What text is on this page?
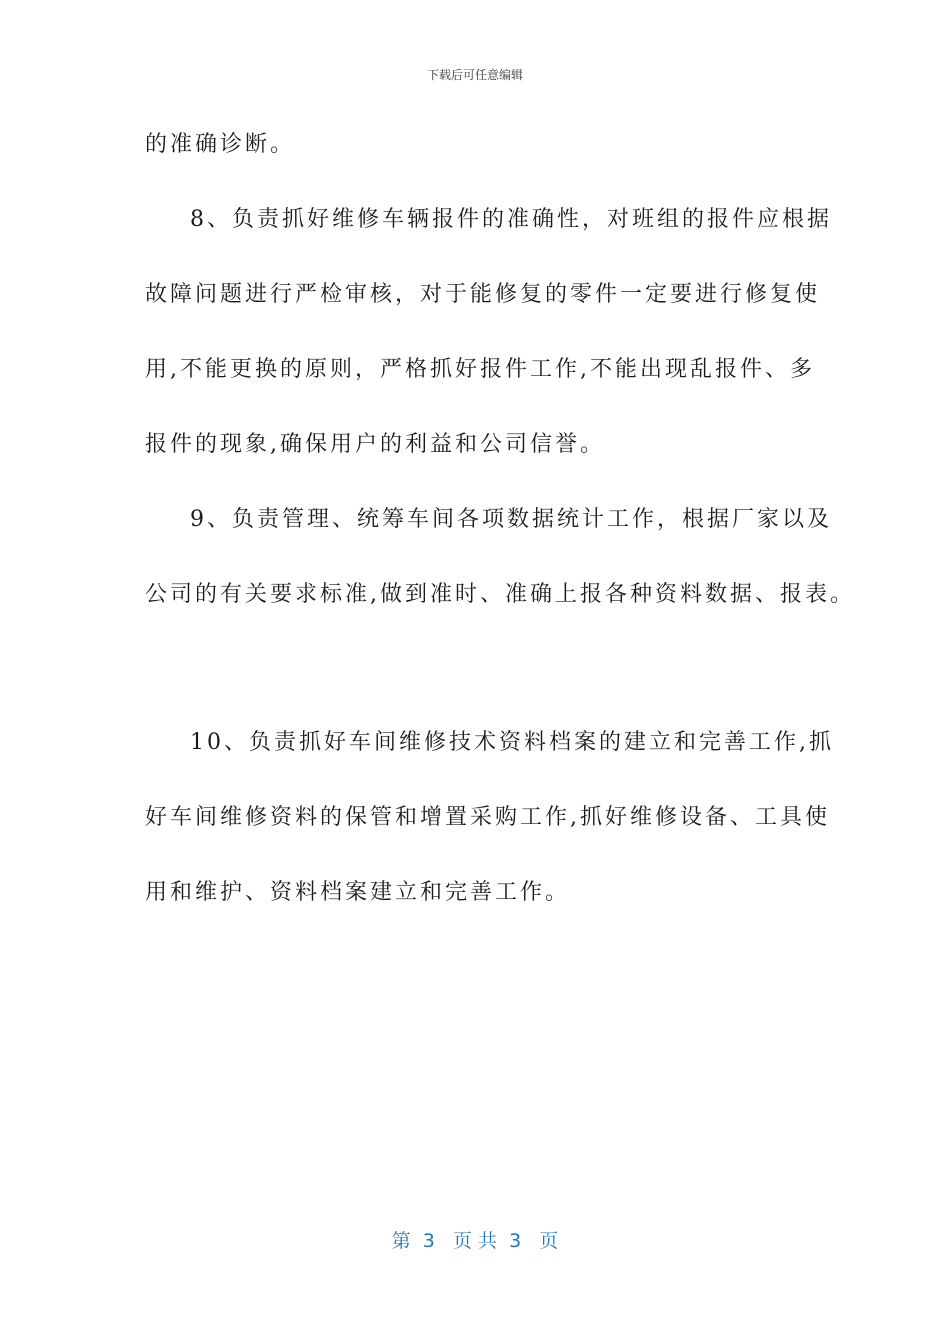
下载后可任意编辑
的准确诊断。
8、负责抓好维修车辆报件的准确性，对班组的报件应根据
故障问题进行严检审核，对于能修复的零件一定要进行修复使
用,不能更换的原则，严格抓好报件工作,不能出现乱报件、多
报件的现象,确保用户的利益和公司信誉。
9、负责管理、统筹车间各项数据统计工作，根据厂家以及
公司的有关要求标准,做到准时、准确上报各种资料数据、报表。
10、负责抓好车间维修技术资料档案的建立和完善工作,抓
好车间维修资料的保管和增置采购工作,抓好维修设备、工具使
用和维护、资料档案建立和完善工作。
第  3   页 共  3   页
